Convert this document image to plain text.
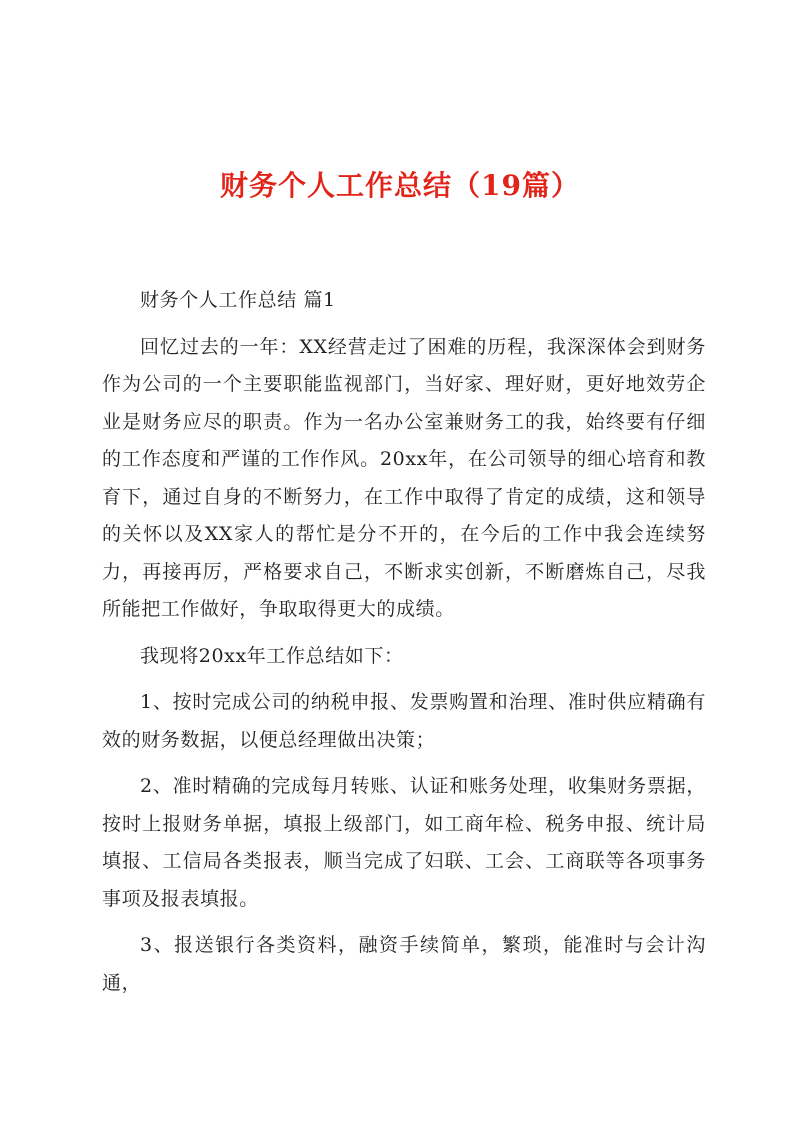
财务个人工作总结（19篇）

财务个人工作总结 篇1

回忆过去的一年：XX经营走过了困难的历程，我深深体会到财务作为公司的一个主要职能监视部门，当好家、理好财，更好地效劳企业是财务应尽的职责。作为一名办公室兼财务工的我，始终要有仔细的工作态度和严谨的工作作风。20xx年，在公司领导的细心培育和教育下，通过自身的不断努力，在工作中取得了肯定的成绩，这和领导的关怀以及XX家人的帮忙是分不开的，在今后的工作中我会连续努力，再接再厉，严格要求自己，不断求实创新，不断磨炼自己，尽我所能把工作做好，争取取得更大的成绩。

我现将20xx年工作总结如下：

1、按时完成公司的纳税申报、发票购置和治理、准时供应精确有效的财务数据，以便总经理做出决策；

2、准时精确的完成每月转账、认证和账务处理，收集财务票据，按时上报财务单据，填报上级部门，如工商年检、税务申报、统计局填报、工信局各类报表，顺当完成了妇联、工会、工商联等各项事务事项及报表填报。

3、报送银行各类资料，融资手续简单，繁琐，能准时与会计沟通，
